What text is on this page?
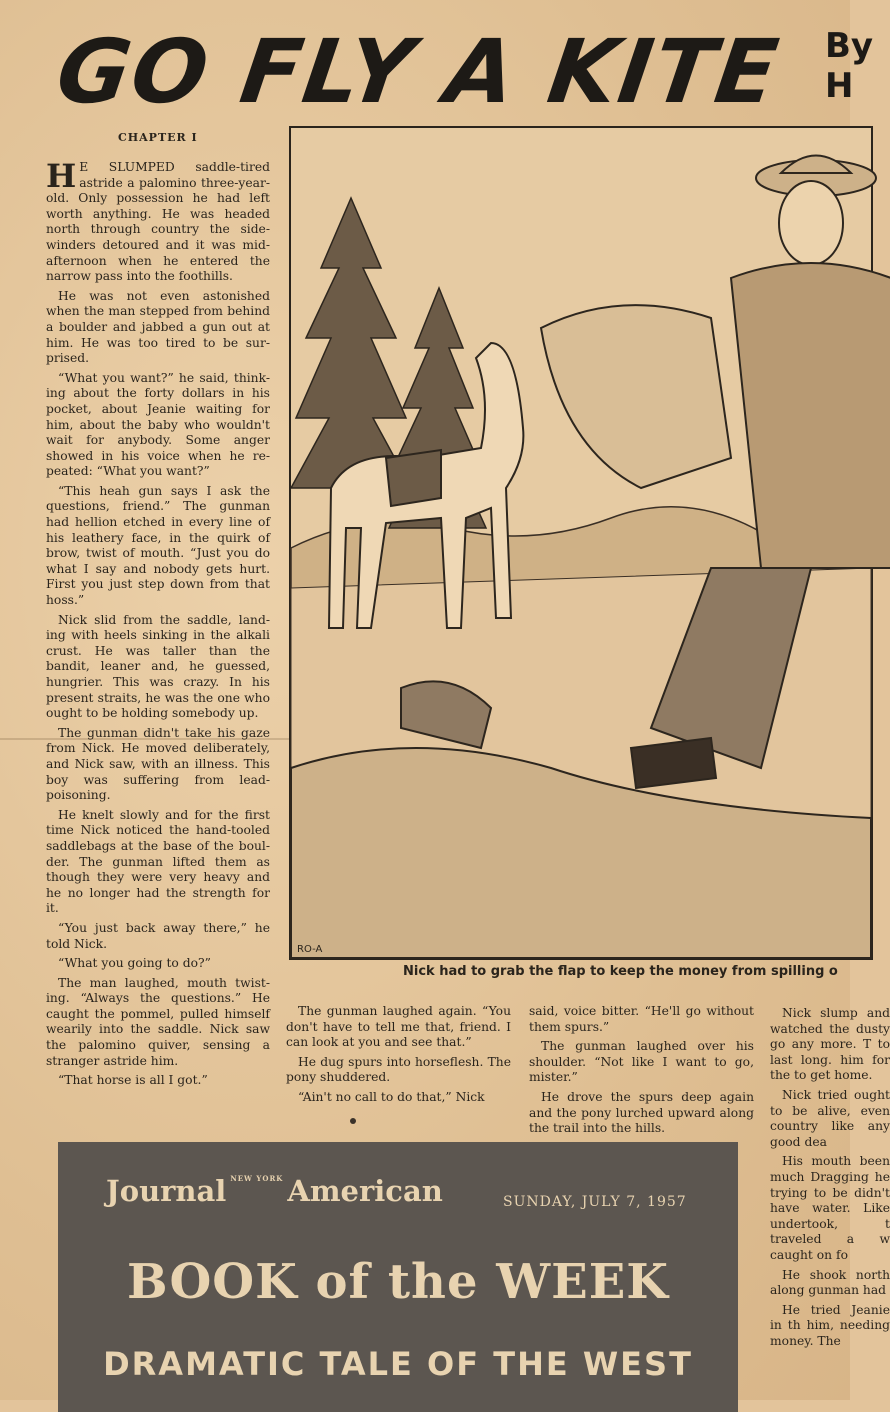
GO FLY A KITE By
H
CHAPTER I

H E SLUMPED saddle-tired astride a palomino three-year-old. Only possession he had left worth anything. He was headed north through country the side-winders detoured and it was mid-afternoon when he entered the narrow pass into the foothills.

He was not even astonished when the man stepped from behind a boulder and jabbed a gun out at him. He was too tired to be sur-prised.

“What you want?” he said, think-ing about the forty dollars in his pocket, about Jeanie waiting for him, about the baby who wouldn't wait for anybody. Some anger showed in his voice when he re-peated: “What you want?”

“This heah gun says I ask the questions, friend.” The gunman had hellion etched in every line of his leathery face, in the quirk of brow, twist of mouth. “Just you do what I say and nobody gets hurt. First you just step down from that hoss.”

Nick slid from the saddle, land-ing with heels sinking in the alkali crust. He was taller than the bandit, leaner and, he guessed, hungrier. This was crazy. In his present straits, he was the one who ought to be holding somebody up.

The gunman didn't take his gaze from Nick. He moved deliberately, and Nick saw, with an illness. This boy was suffering from lead-poisoning.

He knelt slowly and for the first time Nick noticed the hand-tooled saddlebags at the base of the boul-der. The gunman lifted them as though they were very heavy and he no longer had the strength for it.

“You just back away there,” he told Nick.

“What you going to do?”

The man laughed, mouth twist-ing. “Always the questions.” He caught the pommel, pulled himself wearily into the saddle. Nick saw the palomino quiver, sensing a stranger astride him.

“That horse is all I got.”

RO-A
Nick had to grab the flap to keep the money from spilling o

The gunman laughed again. “You don't have to tell me that, friend. I can look at you and see that.”

He dug spurs into horseflesh. The pony shuddered.

“Ain't no call to do that,” Nick

said, voice bitter. “He'll go without them spurs.”

The gunman laughed over his shoulder. “Not like I want to go, mister.”

He drove the spurs deep again and the pony lurched upward along the trail into the hills.

Nick slump and watched the dusty go any more. T to last long. him for the to get home.

Nick tried ought to be alive, even country like any good dea

His mouth been much Dragging he trying to be didn't have water. Like undertook, t traveled a w caught on fo

He shook north along gunman had

He tried Jeanie in th him, needing money. The

Journal $^{NEW YORK}$ American	SUNDAY, JULY 7, 1957
BOOK of the WEEK
DRAMATIC TALE OF THE WEST
